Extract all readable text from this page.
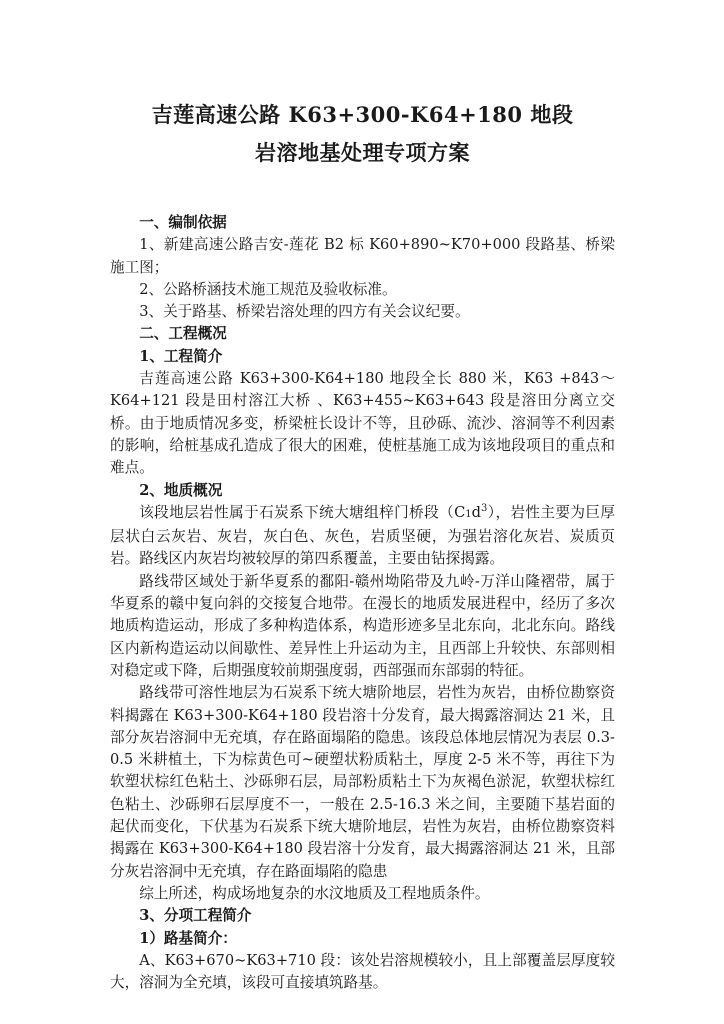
吉莲高速公路 K63+300-K64+180 地段
岩溶地基处理专项方案

一、编制依据

1、新建高速公路吉安-莲花 B2 标 K60+890~K70+000 段路基、桥梁施工图；

2、公路桥涵技术施工规范及验收标准。

3、关于路基、桥梁岩溶处理的四方有关会议纪要。

二、工程概况

1、工程简介

吉莲高速公路 K63+300-K64+180 地段全长 880 米，K63 +843～K64+121 段是田村溶江大桥 、K63+455~K63+643 段是溶田分离立交桥。由于地质情况多变，桥梁桩长设计不等，且砂砾、流沙、溶洞等不利因素的影响，给桩基成孔造成了很大的困难，使桩基施工成为该地段项目的重点和难点。

2、地质概况

该段地层岩性属于石炭系下统大塘组梓门桥段$(C1d^3)$，岩性主要为巨厚层状白云灰岩、灰岩，灰白色、灰色，岩质坚硬，为强岩溶化灰岩、炭质页岩。路线区内灰岩均被较厚的第四系覆盖，主要由钻探揭露。

路线带区域处于新华夏系的鄱阳-赣州坳陷带及九岭-万洋山隆褶带，属于华夏系的赣中复向斜的交接复合地带。在漫长的地质发展进程中，经历了多次地质构造运动，形成了多种构造体系，构造形迹多呈北东向，北北东向。路线区内新构造运动以间歇性、差异性上升运动为主，且西部上升较快、东部则相对稳定或下降，后期强度较前期强度弱，西部强而东部弱的特征。

路线带可溶性地层为石炭系下统大塘阶地层，岩性为灰岩，由桥位勘察资料揭露在 K63+300-K64+180 段岩溶十分发育，最大揭露溶洞达 21 米，且部分灰岩溶洞中无充填，存在路面塌陷的隐患。该段总体地层情况为表层 0.3-0.5 米耕植土，下为棕黄色可~硬塑状粉质粘土，厚度 2-5 米不等，再往下为软塑状棕红色粘土、沙砾卵石层，局部粉质粘土下为灰褐色淤泥，软塑状棕红色粘土、沙砾卵石层厚度不一，一般在 2.5-16.3 米之间，主要随下基岩面的起伏而变化，下伏基为石炭系下统大塘阶地层，岩性为灰岩，由桥位勘察资料揭露在 K63+300-K64+180 段岩溶十分发育，最大揭露溶洞达 21 米，且部分灰岩溶洞中无充填，存在路面塌陷的隐患

综上所述，构成场地复杂的水汶地质及工程地质条件。

3、分项工程简介

1）路基简介：

A、K63+670~K63+710 段：该处岩溶规模较小，且上部覆盖层厚度较大，溶洞为全充填，该段可直接填筑路基。
